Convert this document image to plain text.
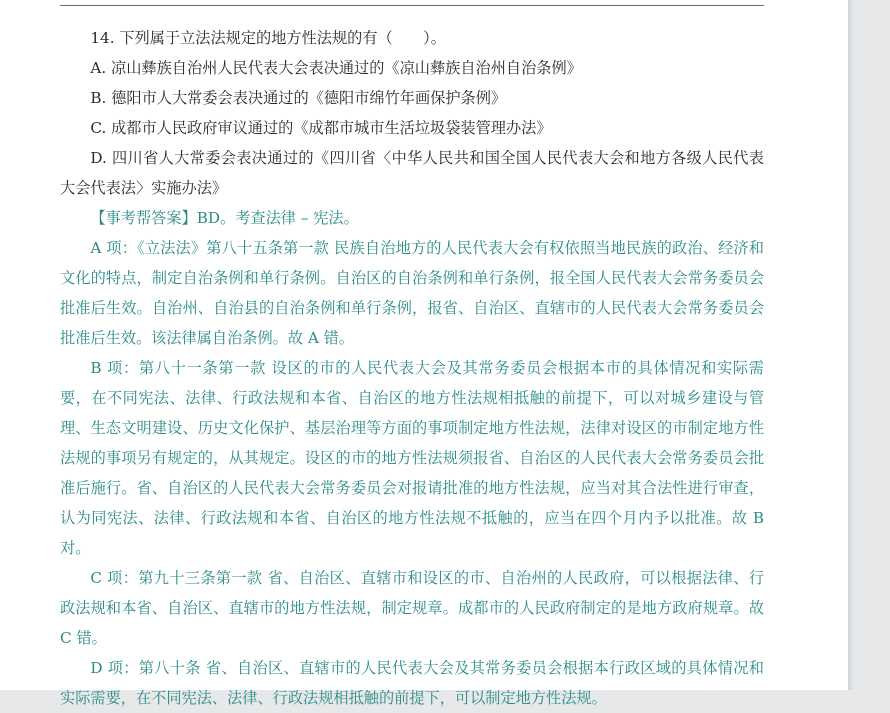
14. 下列属于立法法规定的地方性法规的有（　　）。

A. 凉山彝族自治州人民代表大会表决通过的《凉山彝族自治州自治条例》

B. 德阳市人大常委会表决通过的《德阳市绵竹年画保护条例》

C. 成都市人民政府审议通过的《成都市城市生活垃圾袋装管理办法》

D. 四川省人大常委会表决通过的《四川省〈中华人民共和国全国人民代表大会和地方各级人民代表大会代表法〉实施办法》

【事考帮答案】BD。考查法律 – 宪法。

A 项：《立法法》第八十五条第一款 民族自治地方的人民代表大会有权依照当地民族的政治、经济和文化的特点，制定自治条例和单行条例。自治区的自治条例和单行条例，报全国人民代表大会常务委员会批准后生效。自治州、自治县的自治条例和单行条例，报省、自治区、直辖市的人民代表大会常务委员会批准后生效。该法律属自治条例。故 A 错。

B 项：第八十一条第一款 设区的市的人民代表大会及其常务委员会根据本市的具体情况和实际需要，在不同宪法、法律、行政法规和本省、自治区的地方性法规相抵触的前提下，可以对城乡建设与管理、生态文明建设、历史文化保护、基层治理等方面的事项制定地方性法规，法律对设区的市制定地方性法规的事项另有规定的，从其规定。设区的市的地方性法规须报省、自治区的人民代表大会常务委员会批准后施行。省、自治区的人民代表大会常务委员会对报请批准的地方性法规，应当对其合法性进行审查，认为同宪法、法律、行政法规和本省、自治区的地方性法规不抵触的，应当在四个月内予以批准。故 B 对。

C 项：第九十三条第一款 省、自治区、直辖市和设区的市、自治州的人民政府，可以根据法律、行政法规和本省、自治区、直辖市的地方性法规，制定规章。成都市的人民政府制定的是地方政府规章。故 C 错。

D 项：第八十条 省、自治区、直辖市的人民代表大会及其常务委员会根据本行政区域的具体情况和实际需要，在不同宪法、法律、行政法规相抵触的前提下，可以制定地方性法规。
